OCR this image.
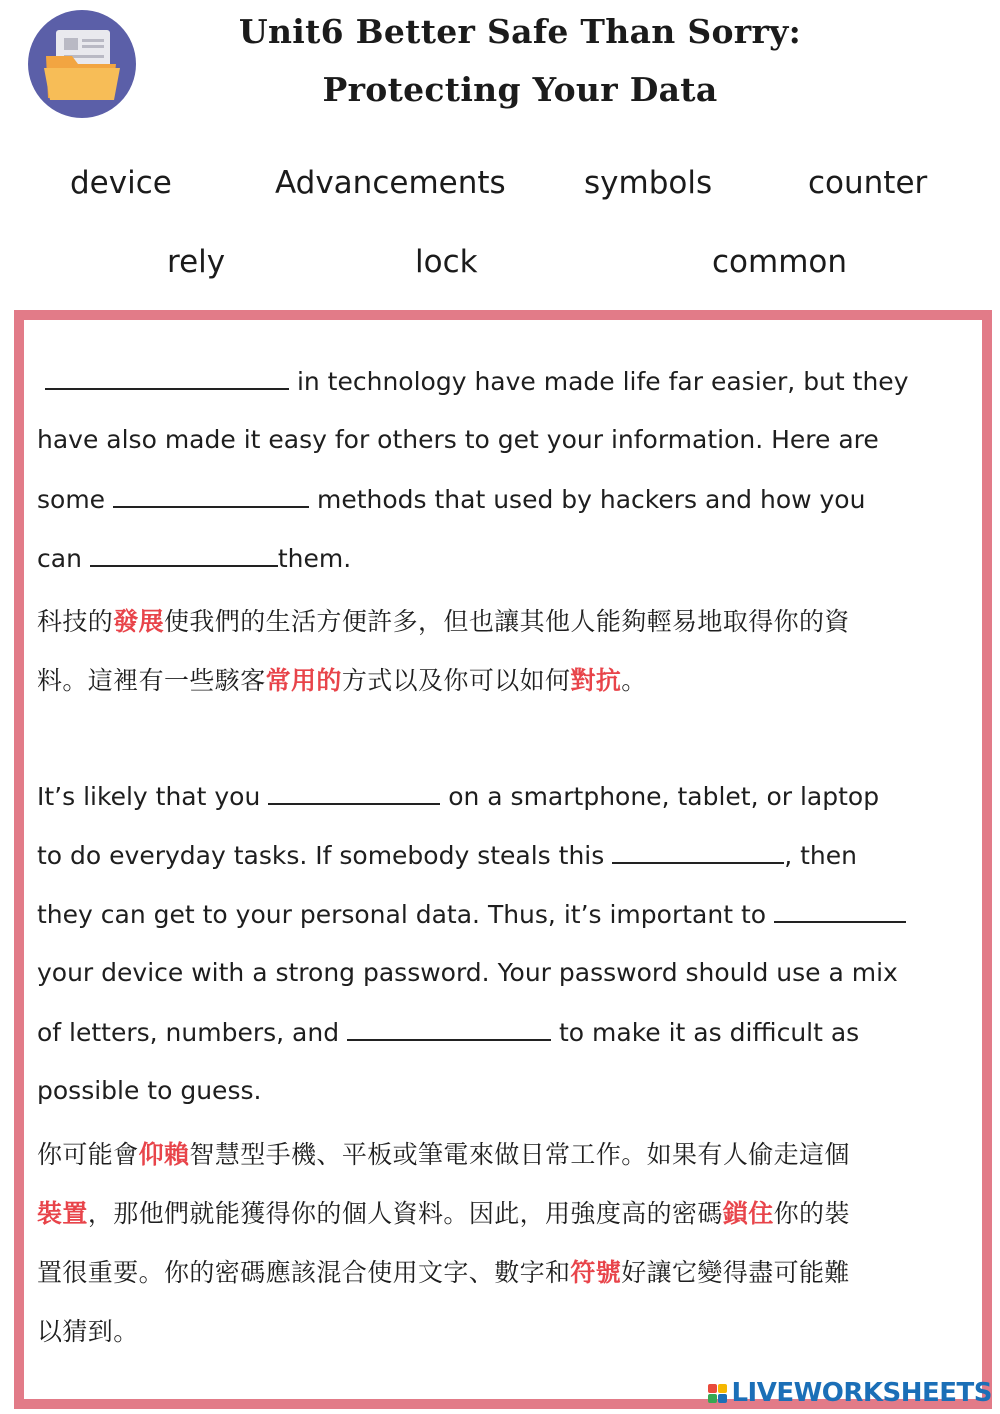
Unit6 Better Safe Than Sorry:
Protecting Your Data
device	Advancements	symbols	counter
rely	lock	common
in technology have made life far easier, but they
have also made it easy for others to get your information. Here are
some	methods that used by hackers and how you
can	them.
科技的發展使我們的生活方便許多，但也讓其他人能夠輕易地取得你的資
料。這裡有一些駭客常用的方式以及你可以如何對抗。
It’s likely that you	on a smartphone, tablet, or laptop
to do everyday tasks. If somebody steals this	, then
they can get to your personal data. Thus, it’s important to
your device with a strong password. Your password should use a mix
of letters, numbers, and	to make it as difficult as
possible to guess.
你可能會仰賴智慧型手機、平板或筆電來做日常工作。如果有人偷走這個
裝置，那他們就能獲得你的個人資料。因此，用強度高的密碼鎖住你的裝
置很重要。你的密碼應該混合使用文字、數字和符號好讓它變得盡可能難
以猜到。
LIVEWORKSHEETS
